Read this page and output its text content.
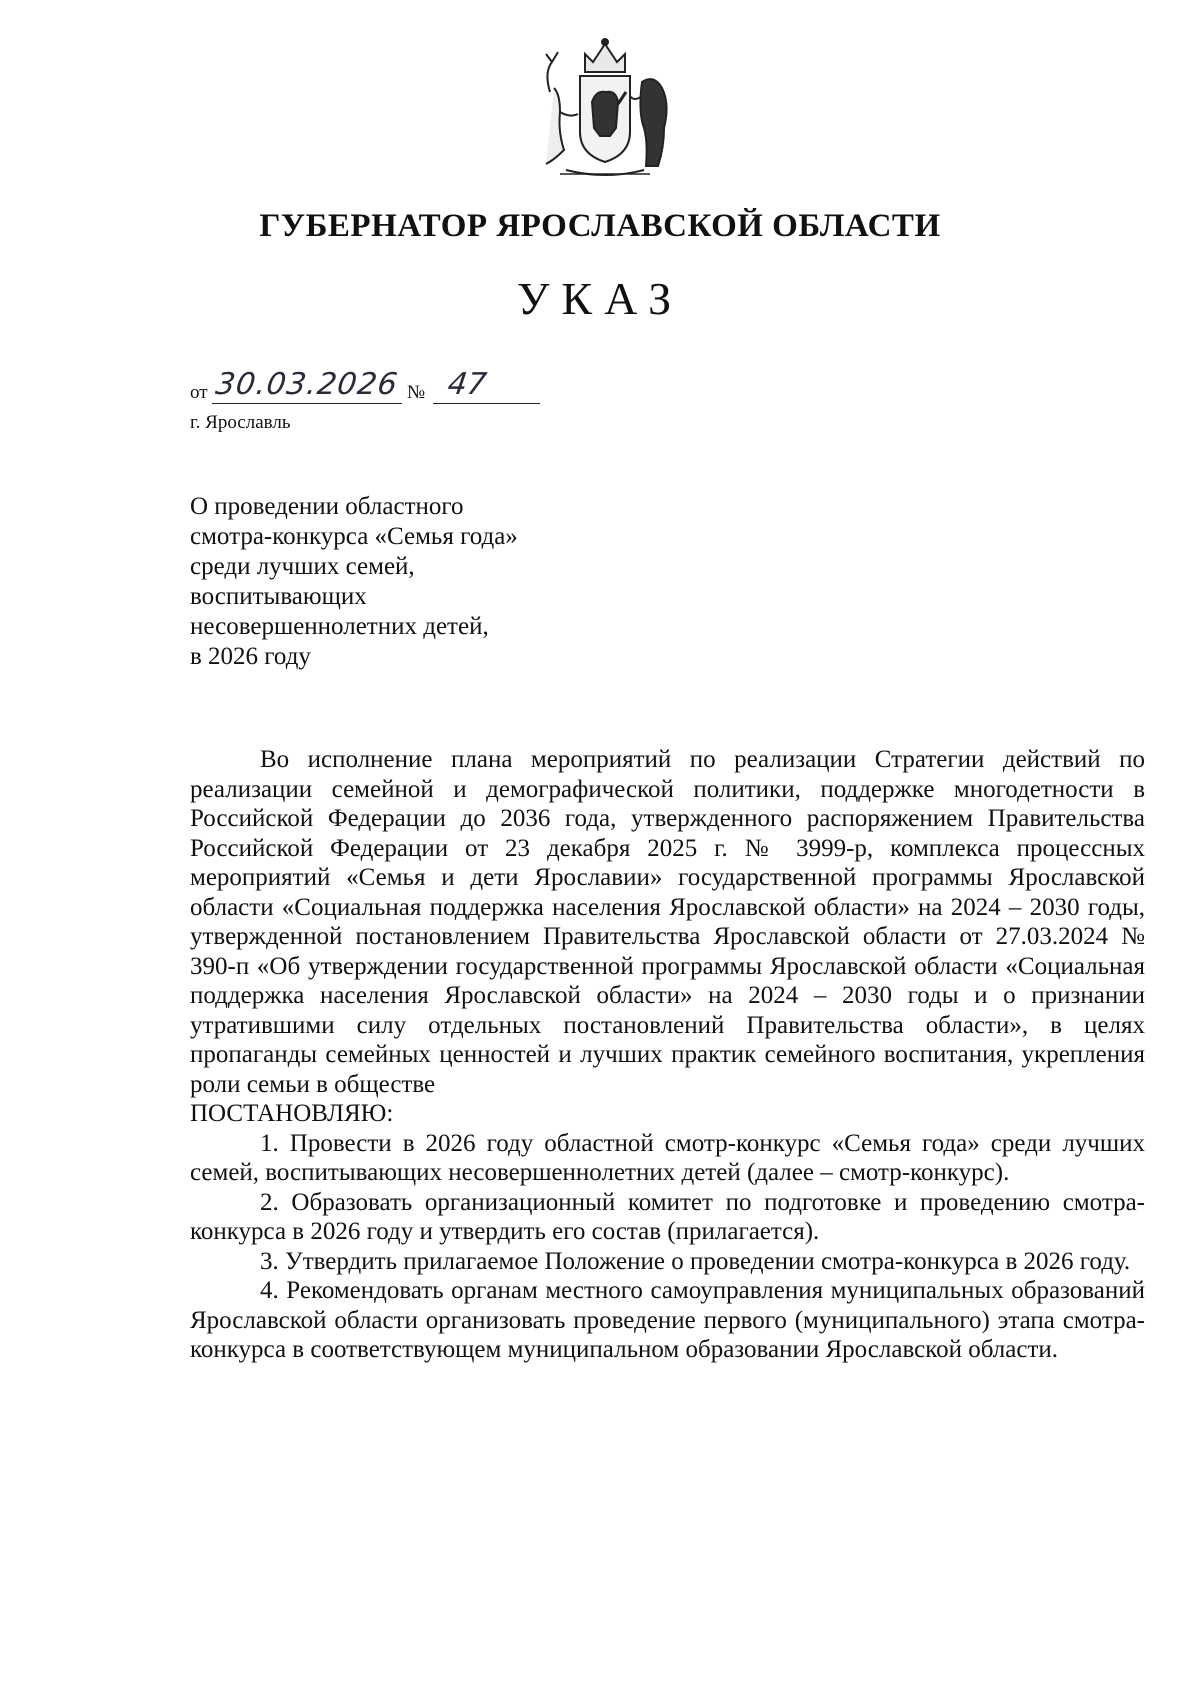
ГУБЕРНАТОР ЯРОСЛАВСКОЙ ОБЛАСТИ
УКАЗ
от 30.03.2026 № 47
г. Ярославль
О проведении областного
смотра-конкурса «Семья года»
среди лучших семей,
воспитывающих
несовершеннолетних детей,
в 2026 году

Во исполнение плана мероприятий по реализации Стратегии действий по реализации семейной и демографической политики, поддержке многодетности в Российской Федерации до 2036 года, утвержденного распоряжением Правительства Российской Федерации от 23 декабря 2025 г. № 3999-р, комплекса процессных мероприятий «Семья и дети Ярославии» государственной программы Ярославской области «Социальная поддержка населения Ярославской области» на 2024 – 2030 годы, утвержденной постановлением Правительства Ярославской области от 27.03.2024 № 390-п «Об утверждении государственной программы Ярославской области «Социальная поддержка населения Ярославской области» на 2024 – 2030 годы и о признании утратившими силу отдельных постановлений Правительства области», в целях пропаганды семейных ценностей и лучших практик семейного воспитания, укрепления роли семьи в обществе

ПОСТАНОВЛЯЮ:

1. Провести в 2026 году областной смотр-конкурс «Семья года» среди лучших семей, воспитывающих несовершеннолетних детей (далее – смотр-конкурс).

2. Образовать организационный комитет по подготовке и проведению смотра-конкурса в 2026 году и утвердить его состав (прилагается).

3. Утвердить прилагаемое Положение о проведении смотра-конкурса в 2026 году.

4. Рекомендовать органам местного самоуправления муниципальных образований Ярославской области организовать проведение первого (муниципального) этапа смотра-конкурса в соответствующем муниципальном образовании Ярославской области.
